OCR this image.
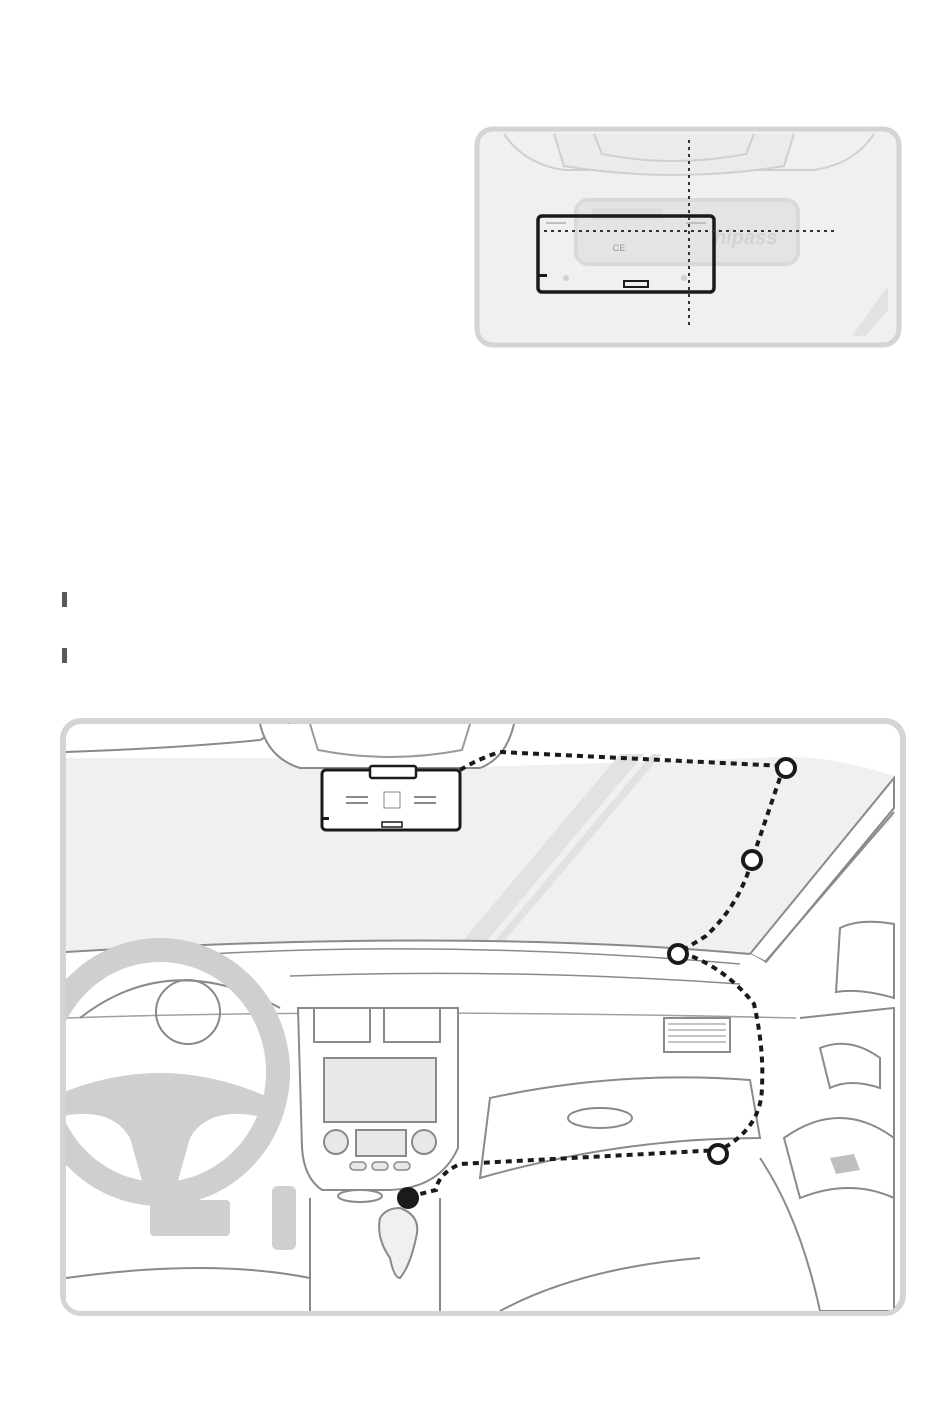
hipass
CE
